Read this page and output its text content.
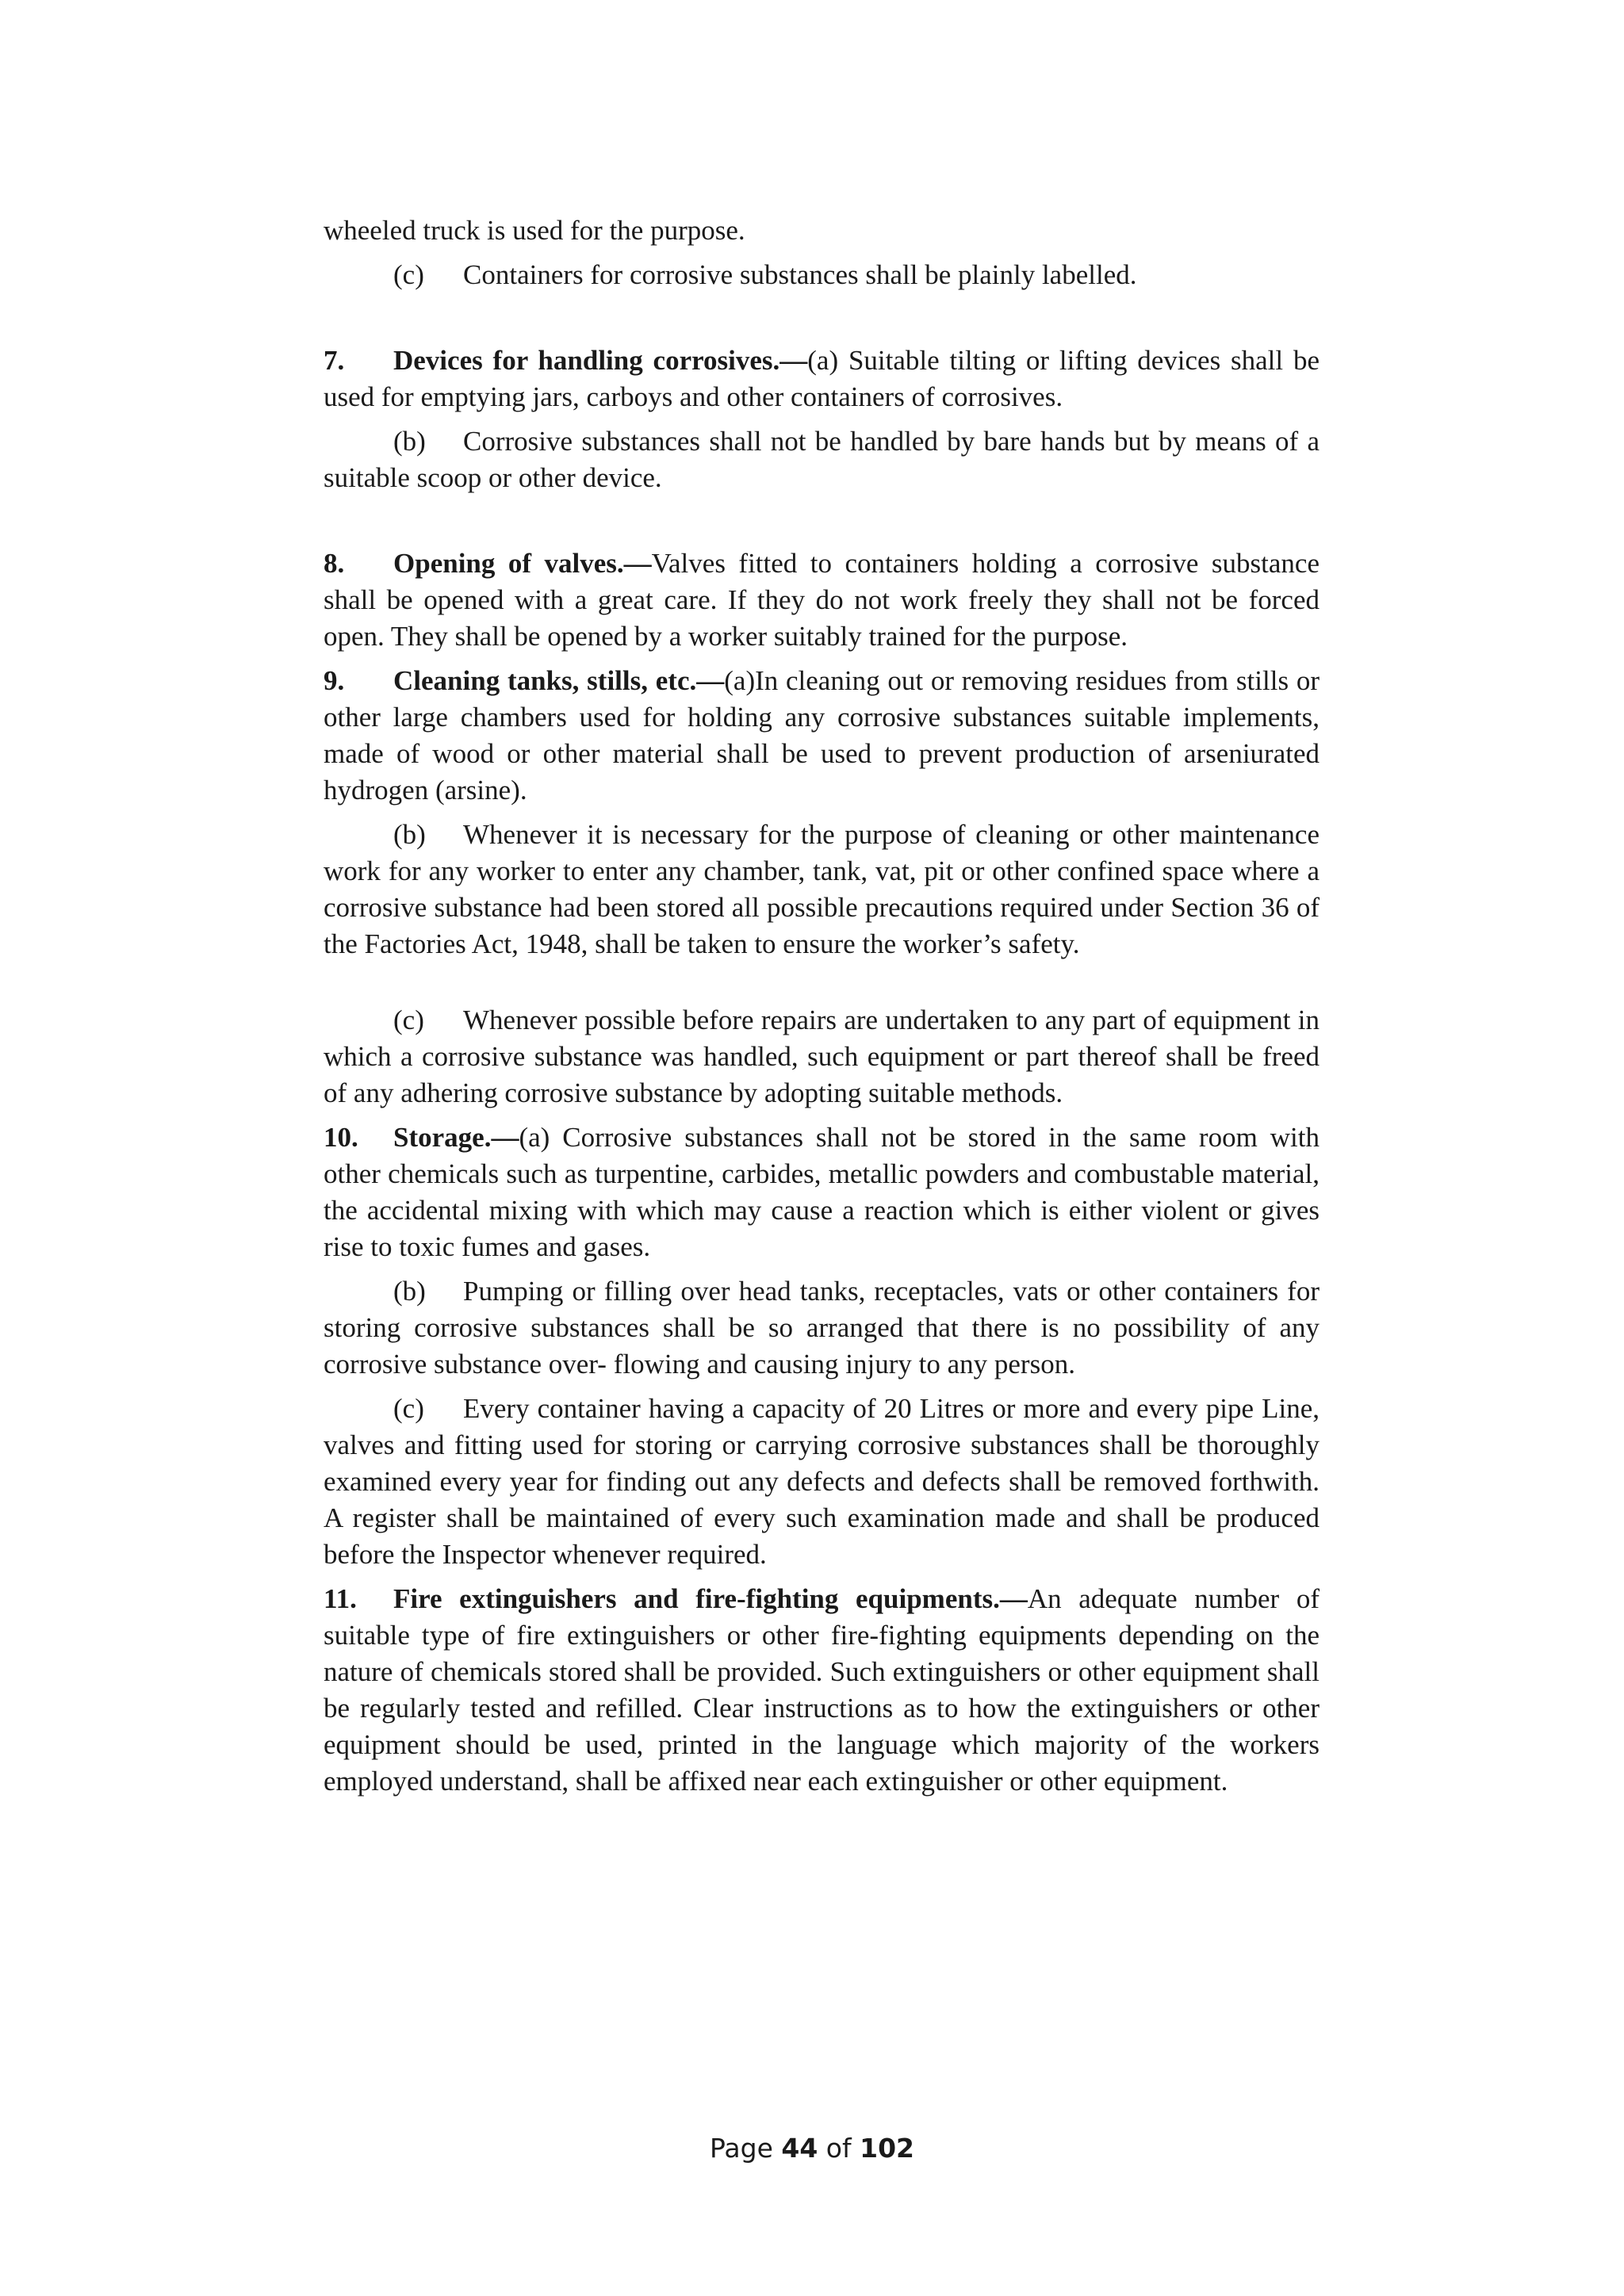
wheeled truck is used for the purpose.

(c) Containers for corrosive substances shall be plainly labelled.

7. Devices for handling corrosives.—(a) Suitable tilting or lifting devices shall be used for emptying jars, carboys and other containers of corrosives.

(b) Corrosive substances shall not be handled by bare hands but by means of a suitable scoop or other device.

8. Opening of valves.—Valves fitted to containers holding a corrosive substance shall be opened with a great care. If they do not work freely they shall not be forced open. They shall be opened by a worker suitably trained for the purpose.

9. Cleaning tanks, stills, etc.—(a)In cleaning out or removing residues from stills or other large chambers used for holding any corrosive substances suitable implements, made of wood or other material shall be used to prevent production of arseniurated hydrogen (arsine).

(b) Whenever it is necessary for the purpose of cleaning or other maintenance work for any worker to enter any chamber, tank, vat, pit or other confined space where a corrosive substance had been stored all possible precautions required under Section 36 of the Factories Act, 1948, shall be taken to ensure the worker’s safety.

(c) Whenever possible before repairs are undertaken to any part of equipment in which a corrosive substance was handled, such equipment or part thereof shall be freed of any adhering corrosive substance by adopting suitable methods.

10. Storage.—(a) Corrosive substances shall not be stored in the same room with other chemicals such as turpentine, carbides, metallic powders and combustable material, the accidental mixing with which may cause a reaction which is either violent or gives rise to toxic fumes and gases.

(b) Pumping or filling over head tanks, receptacles, vats or other containers for storing corrosive substances shall be so arranged that there is no possibility of any corrosive substance over- flowing and causing injury to any person.

(c) Every container having a capacity of 20 Litres or more and every pipe Line, valves and fitting used for storing or carrying corrosive substances shall be thoroughly examined every year for finding out any defects and defects shall be removed forthwith. A register shall be maintained of every such examination made and shall be produced before the Inspector whenever required.

11. Fire extinguishers and fire-fighting equipments.—An adequate number of suitable type of fire extinguishers or other fire-fighting equipments depending on the nature of chemicals stored shall be provided. Such extinguishers or other equipment shall be regularly tested and refilled. Clear instructions as to how the extinguishers or other equipment should be used, printed in the language which majority of the workers employed understand, shall be affixed near each extinguisher or other equipment.

Page 44 of 102
